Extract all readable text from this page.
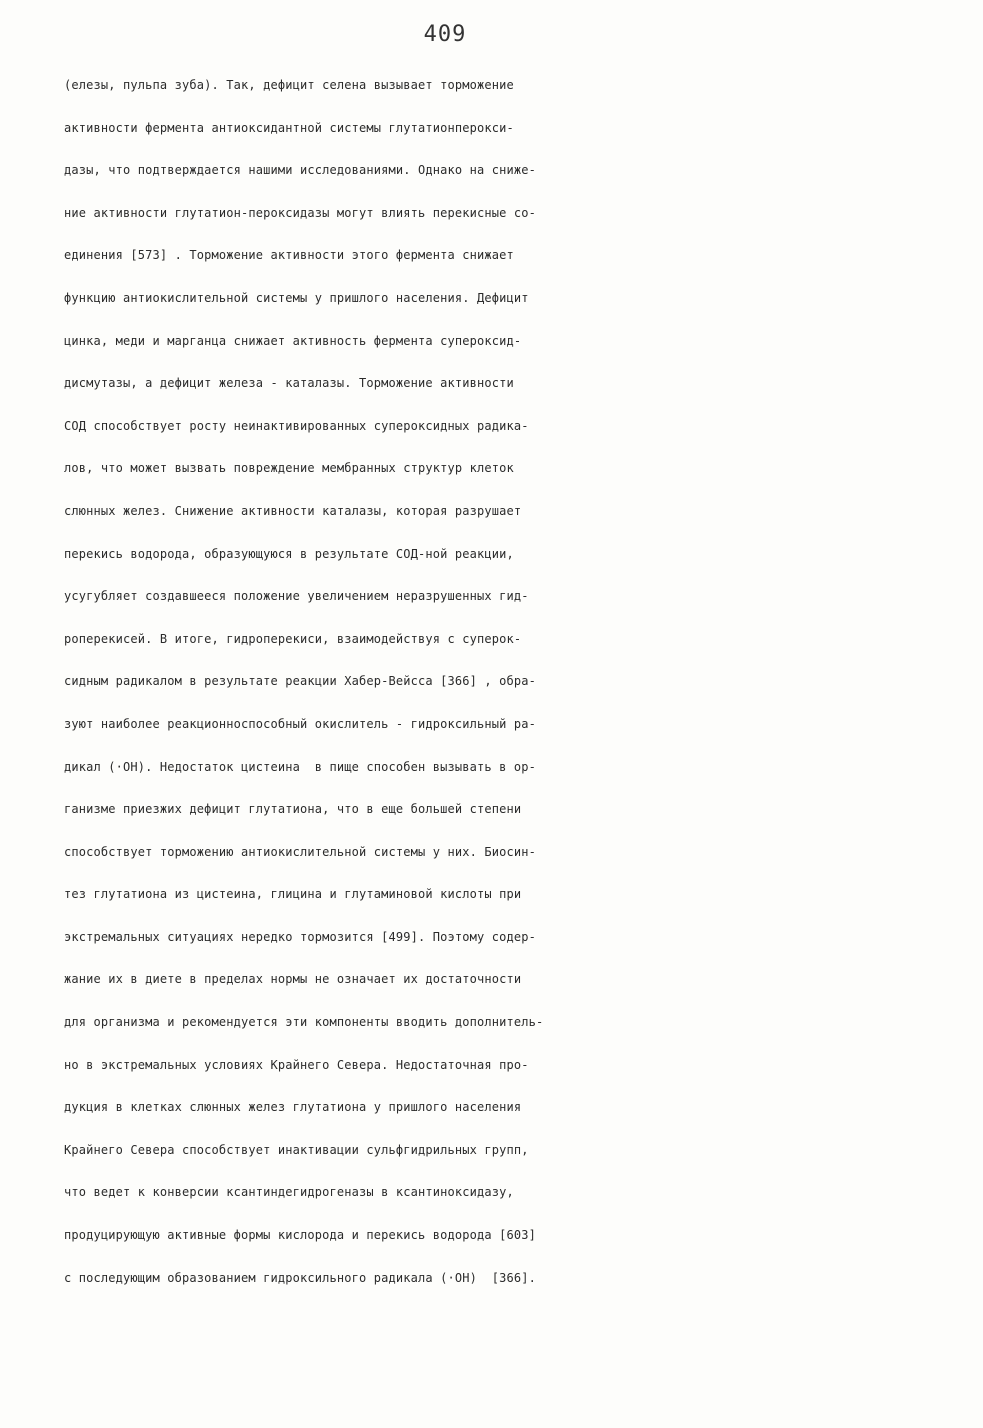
409
(елезы, пульпа зуба). Так, дефицит селена вызывает торможение
активности фермента антиоксидантной системы глутатионперокси-
дазы, что подтверждается нашими исследованиями. Однако на сниже-
ние активности глутатион-пероксидазы могут влиять перекисные со-
единения [573] . Торможение активности этого фермента снижает
функцию антиокислительной системы у пришлого населения. Дефицит
цинка, меди и марганца снижает активность фермента супероксид-
дисмутазы, а дефицит железа - каталазы. Торможение активности
СОД способствует росту неинактивированных супероксидных радика-
лов, что может вызвать повреждение мембранных структур клеток
слюнных желез. Снижение активности каталазы, которая разрушает
перекись водорода, образующуюся в результате СОД-ной реакции,
усугубляет создавшееся положение увеличением неразрушенных гид-
роперекисей. В итоге, гидроперекиси, взаимодействуя с суперок-
сидным радикалом в результате реакции Хабер-Вейсса [366] , обра-
зуют наиболее реакционноспособный окислитель - гидроксильный ра-
дикал (·ОН). Недостаток цистеина  в пище способен вызывать в ор-
ганизме приезжих дефицит глутатиона, что в еще большей степени
способствует торможению антиокислительной системы у них. Биосин-
тез глутатиона из цистеина, глицина и глутаминовой кислоты при
экстремальных ситуациях нередко тормозится [499]. Поэтому содер-
жание их в диете в пределах нормы не означает их достаточности
для организма и рекомендуется эти компоненты вводить дополнитель-
но в экстремальных условиях Крайнего Севера. Недостаточная про-
дукция в клетках слюнных желез глутатиона у пришлого населения
Крайнего Севера способствует инактивации сульфгидрильных групп,
что ведет к конверсии ксантиндегидрогеназы в ксантиноксидазу,
продуцирующую активные формы кислорода и перекись водорода [603]
с последующим образованием гидроксильного радикала (·ОН)  [366].
